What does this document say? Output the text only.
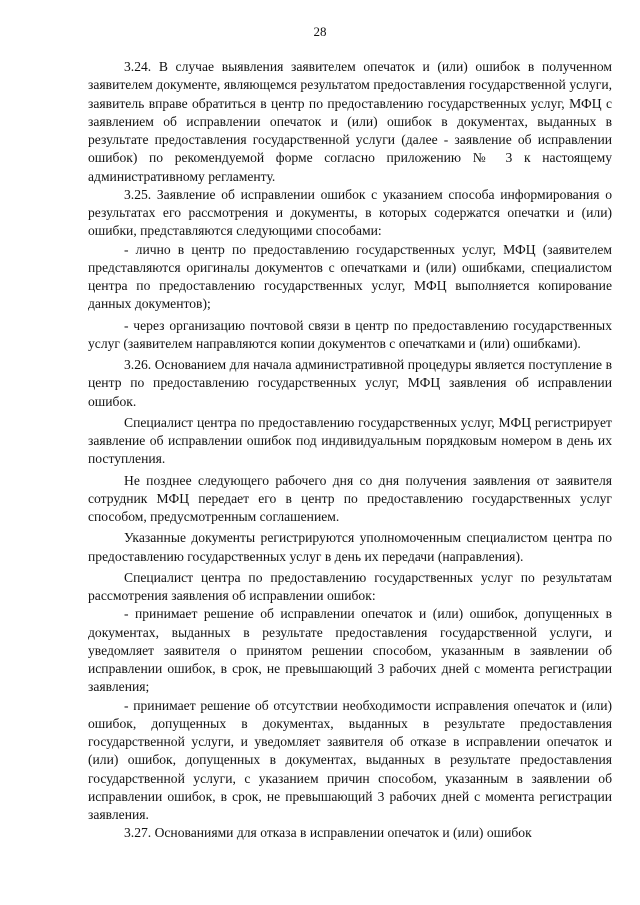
28

3.24. В случае выявления заявителем опечаток и (или) ошибок в полученном заявителем документе, являющемся результатом предоставления государственной услуги, заявитель вправе обратиться в центр по предоставлению государственных услуг, МФЦ с заявлением об исправлении опечаток и (или) ошибок в документах, выданных в результате предоставления государственной услуги (далее - заявление об исправлении ошибок) по рекомендуемой форме согласно приложению № 3 к настоящему административному регламенту.

3.25. Заявление об исправлении ошибок с указанием способа информирования о результатах его рассмотрения и документы, в которых содержатся опечатки и (или) ошибки, представляются следующими способами:

- лично в центр по предоставлению государственных услуг, МФЦ (заявителем представляются оригиналы документов с опечатками и (или) ошибками, специалистом центра по предоставлению государственных услуг, МФЦ выполняется копирование данных документов);

- через организацию почтовой связи в центр по предоставлению государственных услуг (заявителем направляются копии документов с опечатками и (или) ошибками).

3.26. Основанием для начала административной процедуры является поступление в центр по предоставлению государственных услуг, МФЦ заявления об исправлении ошибок.

Специалист центра по предоставлению государственных услуг, МФЦ регистрирует заявление об исправлении ошибок под индивидуальным порядковым номером в день их поступления.

Не позднее следующего рабочего дня со дня получения заявления от заявителя сотрудник МФЦ передает его в центр по предоставлению государственных услуг способом, предусмотренным соглашением.

Указанные документы регистрируются уполномоченным специалистом центра по предоставлению государственных услуг в день их передачи (направления).

Специалист центра по предоставлению государственных услуг по результатам рассмотрения заявления об исправлении ошибок:

- принимает решение об исправлении опечаток и (или) ошибок, допущенных в документах, выданных в результате предоставления государственной услуги, и уведомляет заявителя о принятом решении способом, указанным в заявлении об исправлении ошибок, в срок, не превышающий 3 рабочих дней с момента регистрации заявления;

- принимает решение об отсутствии необходимости исправления опечаток и (или) ошибок, допущенных в документах, выданных в результате предоставления государственной услуги, и уведомляет заявителя об отказе в исправлении опечаток и (или) ошибок, допущенных в документах, выданных в результате предоставления государственной услуги, с указанием причин способом, указанным в заявлении об исправлении ошибок, в срок, не превышающий 3 рабочих дней с момента регистрации заявления.

3.27. Основаниями для отказа в исправлении опечаток и (или) ошибок
